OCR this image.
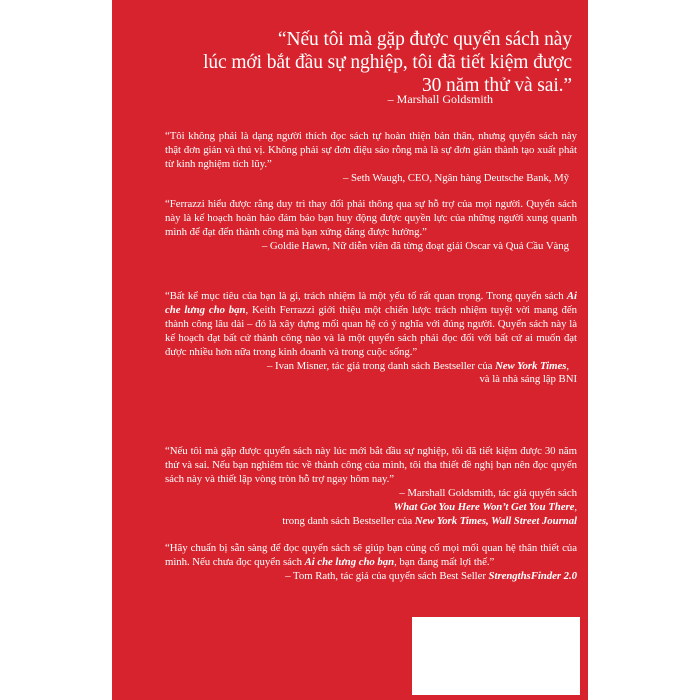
“Nếu tôi mà gặp được quyển sách này
lúc mới bắt đầu sự nghiệp, tôi đã tiết kiệm được
30 năm thử và sai.”
– Marshall Goldsmith
“Tôi không phải là dạng người thích đọc sách tự hoàn thiện bản thân, nhưng quyển sách này thật đơn giản và thú vị. Không phải sự đơn điệu sáo rỗng mà là sự đơn giản thành tạo xuất phát từ kinh nghiệm tích lũy.”
– Seth Waugh, CEO, Ngân hàng Deutsche Bank, Mỹ
“Ferrazzi hiểu được rằng duy trì thay đổi phải thông qua sự hỗ trợ của mọi người. Quyển sách này là kế hoạch hoàn hảo đảm bảo bạn huy động được quyền lực của những người xung quanh mình để đạt đến thành công mà bạn xứng đáng được hưởng.”
– Goldie Hawn, Nữ diễn viên đã từng đoạt giải Oscar và Quả Cầu Vàng
“Bất kể mục tiêu của bạn là gì, trách nhiệm là một yếu tố rất quan trọng. Trong quyển sách Ai che lưng cho bạn, Keith Ferrazzi giới thiệu một chiến lược trách nhiệm tuyệt vời mang đến thành công lâu dài – đó là xây dựng mối quan hệ có ý nghĩa với đúng người. Quyển sách này là kế hoạch đạt bất cứ thành công nào và là một quyển sách phải đọc đối với bất cứ ai muốn đạt được nhiều hơn nữa trong kinh doanh và trong cuộc sống.”
– Ivan Misner, tác giả trong danh sách Bestseller của New York Times,
và là nhà sáng lập BNI
“Nếu tôi mà gặp được quyển sách này lúc mới bắt đầu sự nghiệp, tôi đã tiết kiệm được 30 năm thử và sai. Nếu bạn nghiêm túc về thành công của mình, tôi tha thiết đề nghị bạn nên đọc quyển sách này và thiết lập vòng tròn hỗ trợ ngay hôm nay.”
– Marshall Goldsmith, tác giả quyển sách
What Got You Here Won’t Get You There,
trong danh sách Bestseller của New York Times, Wall Street Journal
“Hãy chuẩn bị sẵn sàng để đọc quyển sách sẽ giúp bạn củng cố mọi mối quan hệ thân thiết của mình. Nếu chưa đọc quyển sách Ai che lưng cho bạn, bạn đang mất lợi thế.”
– Tom Rath, tác giả của quyển sách Best Seller StrengthsFinder 2.0
